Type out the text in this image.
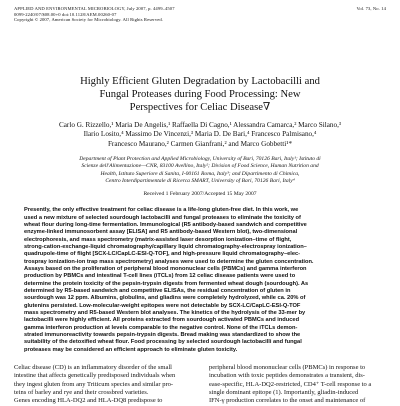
APPLIED AND ENVIRONMENTAL MICROBIOLOGY, July 2007, p. 4499–4507
0099-2240/07/$08.00+0 doi:10.1128/AEM.00260-07
Copyright © 2007, American Society for Microbiology. All Rights Reserved.
Vol. 73, No. 14
Highly Efficient Gluten Degradation by Lactobacilli and
Fungal Proteases during Food Processing: New
Perspectives for Celiac Disease∇
Carlo G. Rizzello,¹ Maria De Angelis,¹ Raffaella Di Cagno,¹ Alessandra Camarca,² Marco Silano,³
Ilario Losito,⁴ Massimo De Vincenzi,³ Maria D. De Bari,⁴ Francesco Palmisano,⁴
Francesco Maurano,² Carmen Gianfrani,² and Marco Gobbetti¹*
Department of Plant Protection and Applied Microbiology, University of Bari, 70126 Bari, Italy¹; Istituto di
Scienze dell'Alimentazione—CNR, 83100 Avellino, Italy²; Division of Food Science, Human Nutrition and
Health, Istituto Superiore di Sanita, I-00161 Roma, Italy³; and Dipartimento di Chimica,
Centro Interdipartimentale di Ricerca SMART, University of Bari, 70126 Bari, Italy⁴
Received 1 February 2007/Accepted 15 May 2007
Presently, the only effective treatment for celiac disease is a life-long gluten-free diet. In this work, we
used a new mixture of selected sourdough lactobacilli and fungal proteases to eliminate the toxicity of
wheat flour during long-time fermentation. Immunological (R5 antibody-based sandwich and competitive
enzyme-linked immunosorbent assay [ELISA] and R5 antibody-based Western blot), two-dimensional
electrophoresis, and mass spectrometry (matrix-assisted laser desorption ionization–time of flight,
strong-cation-exchange-liquid chromatography/capillary liquid chromatography-electrospray ionization–
quadrupole-time of flight [SCX-LC/CapLC-ESI-Q-TOF], and high-pressure liquid chromatography–elec-
trospray ionization-ion trap mass spectrometry) analyses were used to determine the gluten concentration.
Assays based on the proliferation of peripheral blood mononuclear cells (PBMCs) and gamma interferon
production by PBMCs and intestinal T-cell lines (iTCLs) from 12 celiac disease patients were used to
determine the protein toxicity of the pepsin-trypsin digests from fermented wheat dough (sourdough). As
determined by R5-based sandwich and competitive ELISAs, the residual concentration of gluten in
sourdough was 12 ppm. Albumins, globulins, and gliadins were completely hydrolyzed, while ca. 20% of
glutenins persisted. Low-molecular-weight epitopes were not detectable by SCX-LC/CapLC-ESI-Q-TOF
mass spectrometry and R5-based Western blot analyses. The kinetics of the hydrolysis of the 33-mer by
lactobacilli were highly efficient. All proteins extracted from sourdough activated PBMCs and induced
gamma interferon production at levels comparable to the negative control. None of the iTCLs demon-
strated immunoreactivity towards pepsin-trypsin digests. Bread making was standardized to show the
suitability of the detoxified wheat flour. Food processing by selected sourdough lactobacilli and fungal
proteases may be considered an efficient approach to eliminate gluten toxicity.
Celiac disease (CD) is an inflammatory disorder of the small
intestine that affects genetically predisposed individuals when
they ingest gluten from any Triticum species and similar pro-
teins of barley and rye and their crossbred varieties.
Genes encoding HLA-DQ2 and HLA-DQ8 predispose to
peripheral blood mononuclear cells (PBMCs) in response to
incubation with toxic peptides demonstrates a transient, dis-
ease-specific, HLA-DQ2-restricted, CD4⁺ T-cell response to a
single dominant epitope (1). Importantly, gliadin-induced
IFN-γ production correlates to the onset and maintenance of
